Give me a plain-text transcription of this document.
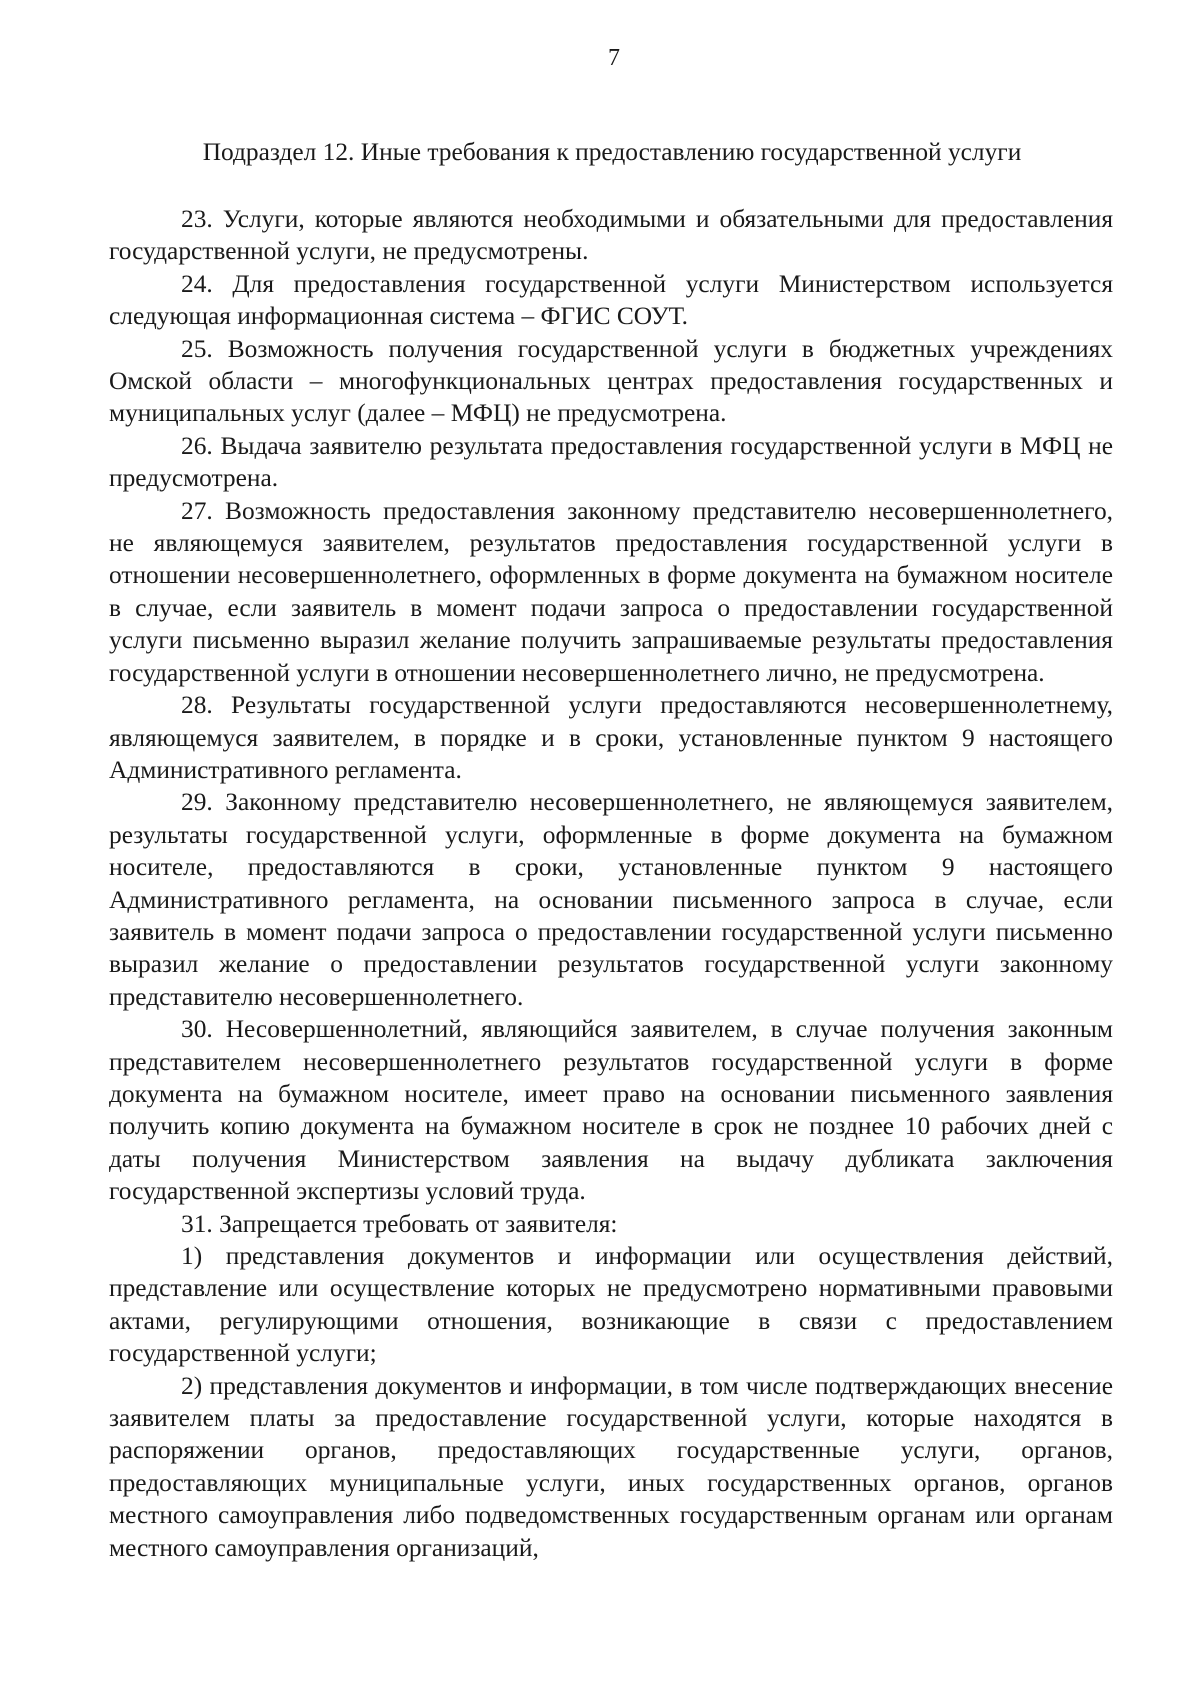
7
Подраздел 12. Иные требования к предоставлению государственной услуги

23. Услуги, которые являются необходимыми и обязательными для предоставления государственной услуги, не предусмотрены.

24. Для предоставления государственной услуги Министерством используется следующая информационная система – ФГИС СОУТ.

25. Возможность получения государственной услуги в бюджетных учреждениях Омской области – многофункциональных центрах предоставления государственных и муниципальных услуг (далее – МФЦ) не предусмотрена.

26. Выдача заявителю результата предоставления государственной услуги в МФЦ не предусмотрена.

27. Возможность предоставления законному представителю несовершеннолетнего, не являющемуся заявителем, результатов предоставления государственной услуги в отношении несовершеннолетнего, оформленных в форме документа на бумажном носителе в случае, если заявитель в момент подачи запроса о предоставлении государственной услуги письменно выразил желание получить запрашиваемые результаты предоставления государственной услуги в отношении несовершеннолетнего лично, не предусмотрена.

28. Результаты государственной услуги предоставляются несовершеннолетнему, являющемуся заявителем, в порядке и в сроки, установленные пунктом 9 настоящего Административного регламента.

29. Законному представителю несовершеннолетнего, не являющемуся заявителем, результаты государственной услуги, оформленные в форме документа на бумажном носителе, предоставляются в сроки, установленные пунктом 9 настоящего Административного регламента, на основании письменного запроса в случае, если заявитель в момент подачи запроса о предоставлении государственной услуги письменно выразил желание о предоставлении результатов государственной услуги законному представителю несовершеннолетнего.

30. Несовершеннолетний, являющийся заявителем, в случае получения законным представителем несовершеннолетнего результатов государственной услуги в форме документа на бумажном носителе, имеет право на основании письменного заявления получить копию документа на бумажном носителе в срок не позднее 10 рабочих дней с даты получения Министерством заявления на выдачу дубликата заключения государственной экспертизы условий труда.

31. Запрещается требовать от заявителя:

1) представления документов и информации или осуществления действий, представление или осуществление которых не предусмотрено нормативными правовыми актами, регулирующими отношения, возникающие в связи с предоставлением государственной услуги;

2) представления документов и информации, в том числе подтверждающих внесение заявителем платы за предоставление государственной услуги, которые находятся в распоряжении органов, предоставляющих государственные услуги, органов, предоставляющих муниципальные услуги, иных государственных органов, органов местного самоуправления либо подведомственных государственным органам или органам местного самоуправления организаций,
